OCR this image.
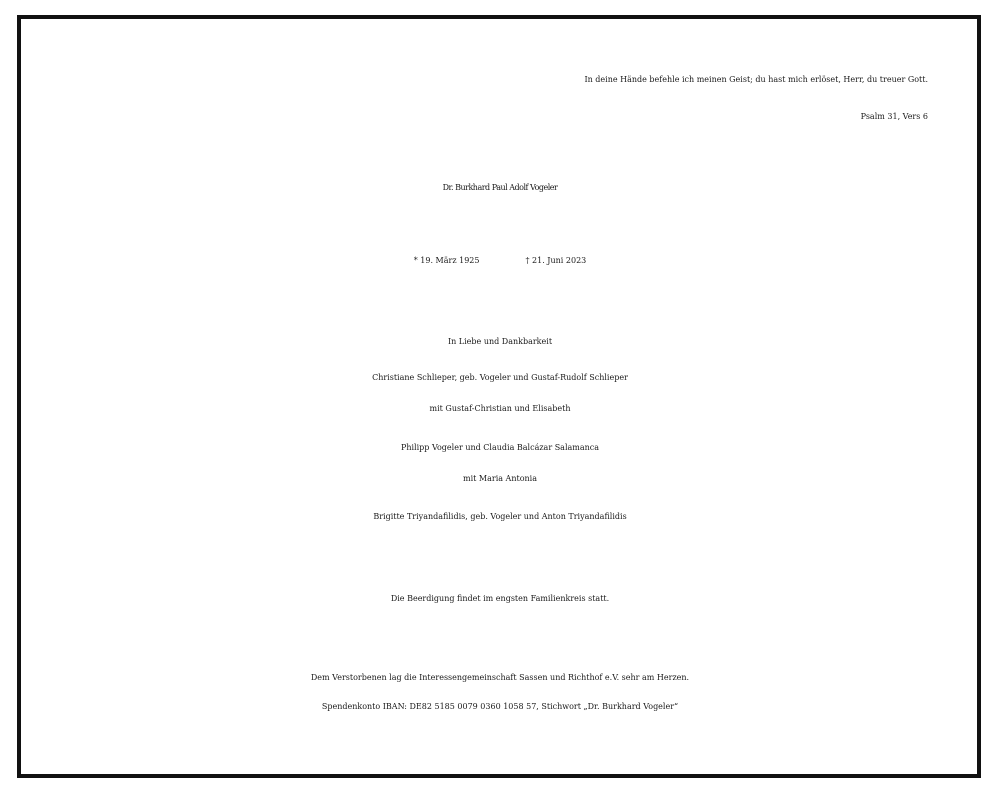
In deine Hände befehle ich meinen Geist; du hast mich erlöset, Herr, du treuer Gott.
Psalm 31, Vers 6
Dr. Burkhard Paul Adolf Vogeler
* 19. März 1925	† 21. Juni 2023
In Liebe und Dankbarkeit
Christiane Schlieper, geb. Vogeler und Gustaf-Rudolf Schlieper
mit Gustaf-Christian und Elisabeth
Philipp Vogeler und Claudia Balcázar Salamanca
mit Maria Antonia
Brigitte Triyandafilidis, geb. Vogeler und Anton Triyandafilidis
Die Beerdigung findet im engsten Familienkreis statt.
Dem Verstorbenen lag die Interessengemeinschaft Sassen und Richthof e.V. sehr am Herzen.
Spendenkonto IBAN: DE82 5185 0079 0360 1058 57, Stichwort „Dr. Burkhard Vogeler“
